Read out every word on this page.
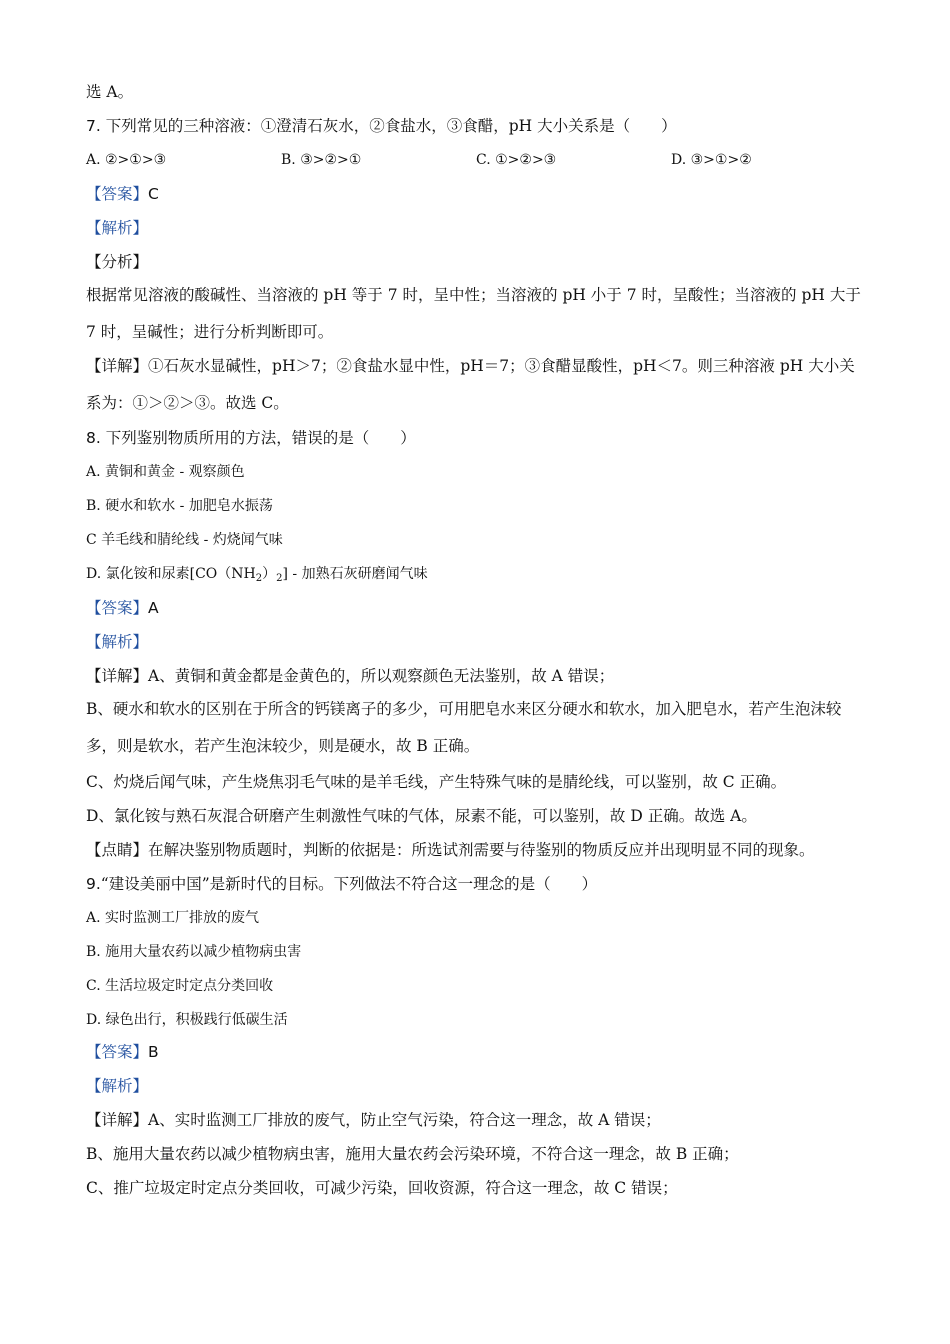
选 A。
7. 下列常见的三种溶液：①澄清石灰水，②食盐水，③食醋，pH 大小关系是（　　）
A. ②>①>③	B. ③>②>①	C. ①>②>③	D. ③>①>②
【答案】C
【解析】
【分析】
根据常见溶液的酸碱性、当溶液的 pH 等于 7 时，呈中性；当溶液的 pH 小于 7 时，呈酸性；当溶液的 pH 大于 7 时，呈碱性；进行分析判断即可。
【详解】①石灰水显碱性，pH＞7；②食盐水显中性，pH＝7；③食醋显酸性，pH＜7。则三种溶液 pH 大小关系为：①＞②＞③。故选 C。
8. 下列鉴别物质所用的方法，错误的是（　　）
A. 黄铜和黄金 - 观察颜色
B. 硬水和软水 - 加肥皂水振荡
C 羊毛线和腈纶线 - 灼烧闻气味
D. 氯化铵和尿素$[CO(NH_2)_2]$ - 加熟石灰研磨闻气味
【答案】A
【解析】
【详解】A、黄铜和黄金都是金黄色的，所以观察颜色无法鉴别，故 A 错误；
B、硬水和软水的区别在于所含的钙镁离子的多少，可用肥皂水来区分硬水和软水，加入肥皂水，若产生泡沫较多，则是软水，若产生泡沫较少，则是硬水，故 B 正确。
C、灼烧后闻气味，产生烧焦羽毛气味的是羊毛线，产生特殊气味的是腈纶线，可以鉴别，故 C 正确。
D、氯化铵与熟石灰混合研磨产生刺激性气味的气体，尿素不能，可以鉴别，故 D 正确。故选 A。
【点睛】在解决鉴别物质题时，判断的依据是：所选试剂需要与待鉴别的物质反应并出现明显不同的现象。
9.“建设美丽中国”是新时代的目标。下列做法不符合这一理念的是（　　）
A. 实时监测工厂排放的废气
B. 施用大量农药以减少植物病虫害
C. 生活垃圾定时定点分类回收
D. 绿色出行，积极践行低碳生活
【答案】B
【解析】
【详解】A、实时监测工厂排放的废气，防止空气污染，符合这一理念，故 A 错误；
B、施用大量农药以减少植物病虫害，施用大量农药会污染环境，不符合这一理念，故 B 正确；
C、推广垃圾定时定点分类回收，可减少污染，回收资源，符合这一理念，故 C 错误；
